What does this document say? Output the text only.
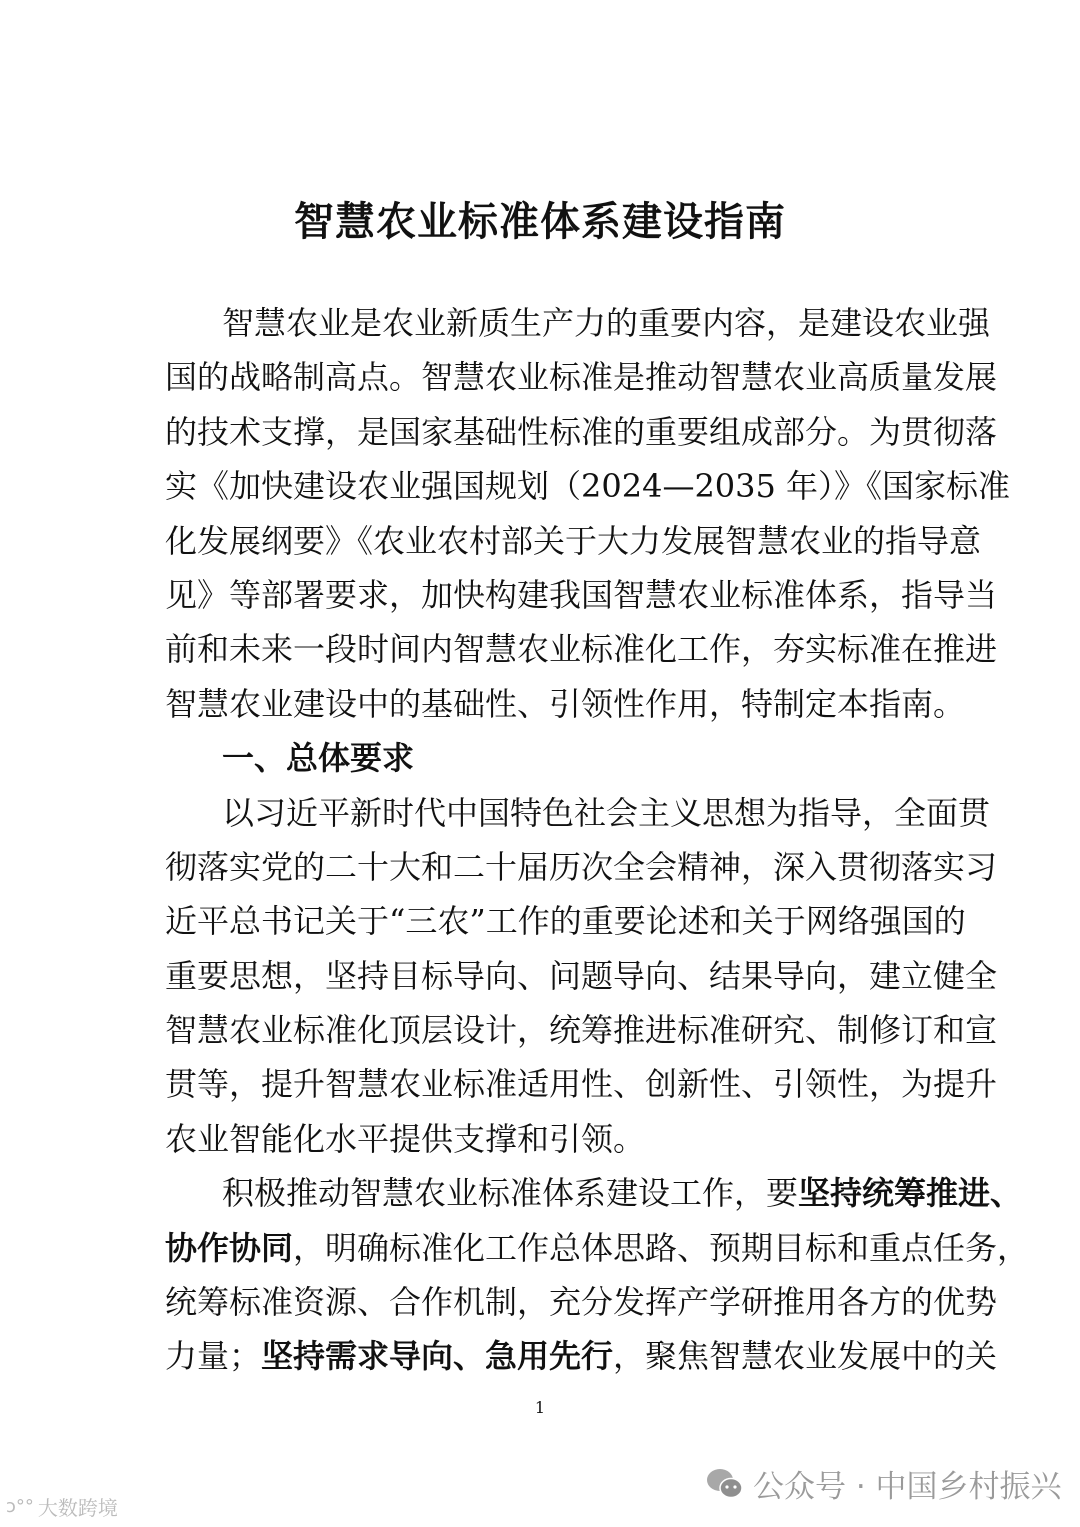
智慧农业标准体系建设指南
智慧农业是农业新质生产力的重要内容，是建设农业强
国的战略制高点。智慧农业标准是推动智慧农业高质量发展
的技术支撑，是国家基础性标准的重要组成部分。为贯彻落
实《加快建设农业强国规划（2024—2035 年）》《国家标准
化发展纲要》《农业农村部关于大力发展智慧农业的指导意
见》等部署要求，加快构建我国智慧农业标准体系，指导当
前和未来一段时间内智慧农业标准化工作，夯实标准在推进
智慧农业建设中的基础性、引领性作用，特制定本指南。
一、总体要求
以习近平新时代中国特色社会主义思想为指导，全面贯
彻落实党的二十大和二十届历次全会精神，深入贯彻落实习
近平总书记关于“三农”工作的重要论述和关于网络强国的
重要思想，坚持目标导向、问题导向、结果导向，建立健全
智慧农业标准化顶层设计，统筹推进标准研究、制修订和宣
贯等，提升智慧农业标准适用性、创新性、引领性，为提升
农业智能化水平提供支撑和引领。
积极推动智慧农业标准体系建设工作，要坚持统筹推进、
协作协同，明确标准化工作总体思路、预期目标和重点任务，
统筹标准资源、合作机制，充分发挥产学研推用各方的优势
力量；坚持需求导向、急用先行，聚焦智慧农业发展中的关
1
公众号 · 中国乡村振兴
ↄ°° 大数跨境
